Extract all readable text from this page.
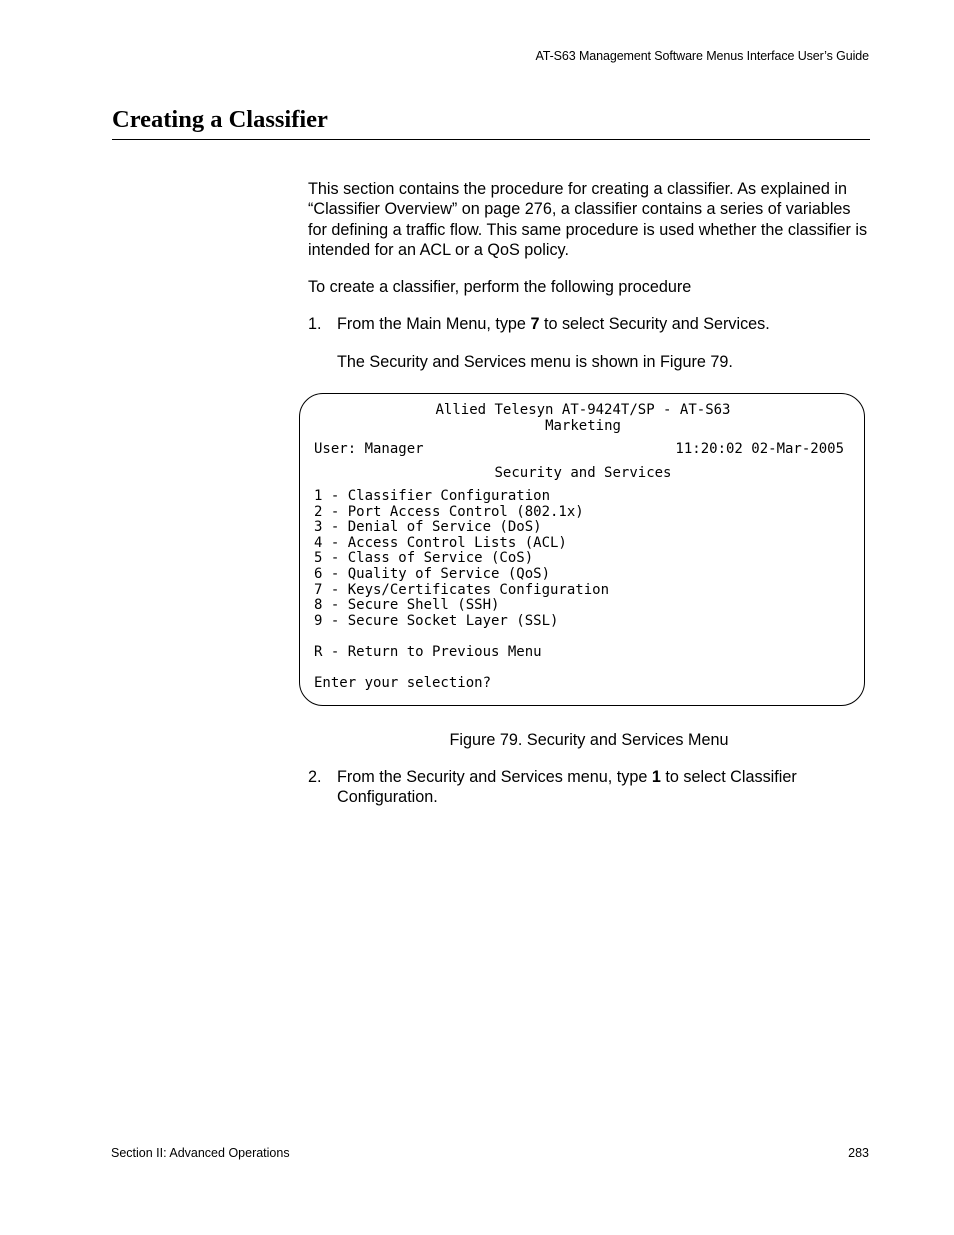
AT-S63 Management Software Menus Interface User’s Guide
Creating a Classifier

This section contains the procedure for creating a classifier. As explained in “Classifier Overview” on page 276, a classifier contains a series of variables for defining a traffic flow. This same procedure is used whether the classifier is intended for an ACL or a QoS policy.

To create a classifier, perform the following procedure

1. From the Main Menu, type 7 to select Security and Services.
The Security and Services menu is shown in Figure 79.
Allied Telesyn AT-9424T/SP - AT-S63
Marketing
User: Manager	11:20:02 02-Mar-2005
Security and Services
1 - Classifier Configuration
2 - Port Access Control (802.1x)
3 - Denial of Service (DoS)
4 - Access Control Lists (ACL)
5 - Class of Service (CoS)
6 - Quality of Service (QoS)
7 - Keys/Certificates Configuration
8 - Secure Shell (SSH)
9 - Secure Socket Layer (SSL)
R - Return to Previous Menu
Enter your selection?
Figure 79. Security and Services Menu
2. From the Security and Services menu, type 1 to select Classifier Configuration.
Section II: Advanced Operations	283
